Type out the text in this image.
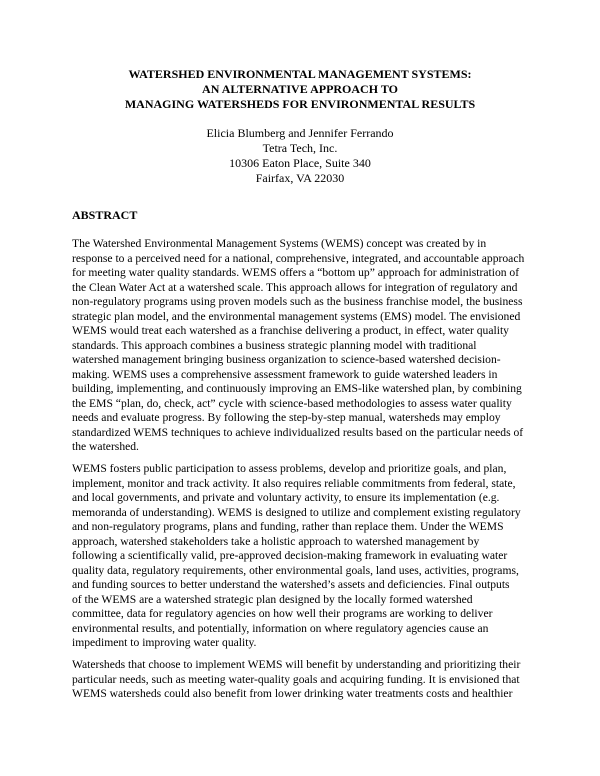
WATERSHED ENVIRONMENTAL MANAGEMENT SYSTEMS:
AN ALTERNATIVE APPROACH TO
MANAGING WATERSHEDS FOR ENVIRONMENTAL RESULTS
Elicia Blumberg and Jennifer Ferrando
Tetra Tech, Inc.
10306 Eaton Place, Suite 340
Fairfax, VA 22030
ABSTRACT
The Watershed Environmental Management Systems (WEMS) concept was created by in
response to a perceived need for a national, comprehensive, integrated, and accountable approach
for meeting water quality standards. WEMS offers a “bottom up” approach for administration of
the Clean Water Act at a watershed scale. This approach allows for integration of regulatory and
non-regulatory programs using proven models such as the business franchise model, the business
strategic plan model, and the environmental management systems (EMS) model. The envisioned
WEMS would treat each watershed as a franchise delivering a product, in effect, water quality
standards. This approach combines a business strategic planning model with traditional
watershed management bringing business organization to science-based watershed decision-
making. WEMS uses a comprehensive assessment framework to guide watershed leaders in
building, implementing, and continuously improving an EMS-like watershed plan, by combining
the EMS “plan, do, check, act” cycle with science-based methodologies to assess water quality
needs and evaluate progress. By following the step-by-step manual, watersheds may employ
standardized WEMS techniques to achieve individualized results based on the particular needs of
the watershed.
WEMS fosters public participation to assess problems, develop and prioritize goals, and plan,
implement, monitor and track activity. It also requires reliable commitments from federal, state,
and local governments, and private and voluntary activity, to ensure its implementation (e.g.
memoranda of understanding). WEMS is designed to utilize and complement existing regulatory
and non-regulatory programs, plans and funding, rather than replace them. Under the WEMS
approach, watershed stakeholders take a holistic approach to watershed management by
following a scientifically valid, pre-approved decision-making framework in evaluating water
quality data, regulatory requirements, other environmental goals, land uses, activities, programs,
and funding sources to better understand the watershed’s assets and deficiencies. Final outputs
of the WEMS are a watershed strategic plan designed by the locally formed watershed
committee, data for regulatory agencies on how well their programs are working to deliver
environmental results, and potentially, information on where regulatory agencies cause an
impediment to improving water quality.
Watersheds that choose to implement WEMS will benefit by understanding and prioritizing their
particular needs, such as meeting water-quality goals and acquiring funding. It is envisioned that
WEMS watersheds could also benefit from lower drinking water treatments costs and healthier
